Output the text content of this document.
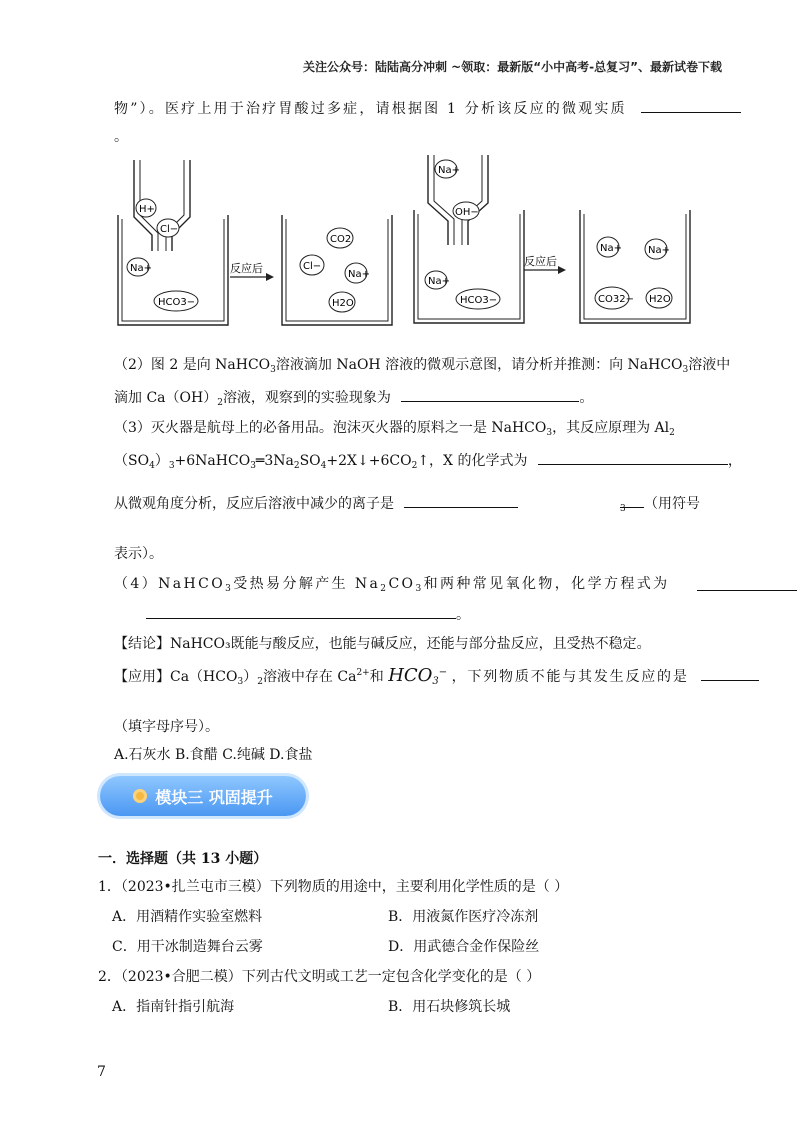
关注公众号：陆陆高分冲刺 ~领取：最新版“小中高考-总复习”、最新试卷下载
物”）。医疗上用于治疗胃酸过多症，请根据图 1 分析该反应的微观实质
。
H+
Cl−
Na+
HCO3−
反应后
CO2
Cl−
Na+
H2O
Na+
OH−
Na+
HCO3−
反应后
Na+	Na+
CO32− H2O
（2）图 2 是向 NaHCO$_3$溶液滴加 NaOH 溶液的微观示意图，请分析并推测：向 NaHCO$_3$溶液中
滴加 $Ca(OH)_2$溶液，观察到的实验现象为	。
（3）灭火器是航母上的必备用品。泡沫灭火器的原料之一是 NaHCO$_3$，其反应原理为 $Al_2$
$(SO_4)_3+6NaHCO_3═3Na_2SO_4+2X↓+6CO_2↑$，X 的化学式为	，
从微观角度分析，反应后溶液中减少的离子是	（用符号
3
表示）。
（4）NaHCO$_3$受热易分解产生 $Na_2CO_3$和两种常见氧化物，化学方程式为
。
【结论】NaHCO₃既能与酸反应，也能与碱反应，还能与部分盐反应，且受热不稳定。
【应用】$Ca(HCO_3)_2$溶液中存在 $Ca^{2+}$和 $HCO_3^-$ ，下列物质不能与其发生反应的是
（填字母序号）。
A.石灰水 B.食醋 C.纯碱 D.食盐
模块三 巩固提升
一．选择题（共 13 小题）
1．（2023•扎兰屯市三模）下列物质的用途中，主要利用化学性质的是（ ）
A．用酒精作实验室燃料	B．用液氮作医疗冷冻剂
C．用干冰制造舞台云雾	D．用武德合金作保险丝
2．（2023•合肥二模）下列古代文明或工艺一定包含化学变化的是（ ）
A．指南针指引航海	B．用石块修筑长城
7
